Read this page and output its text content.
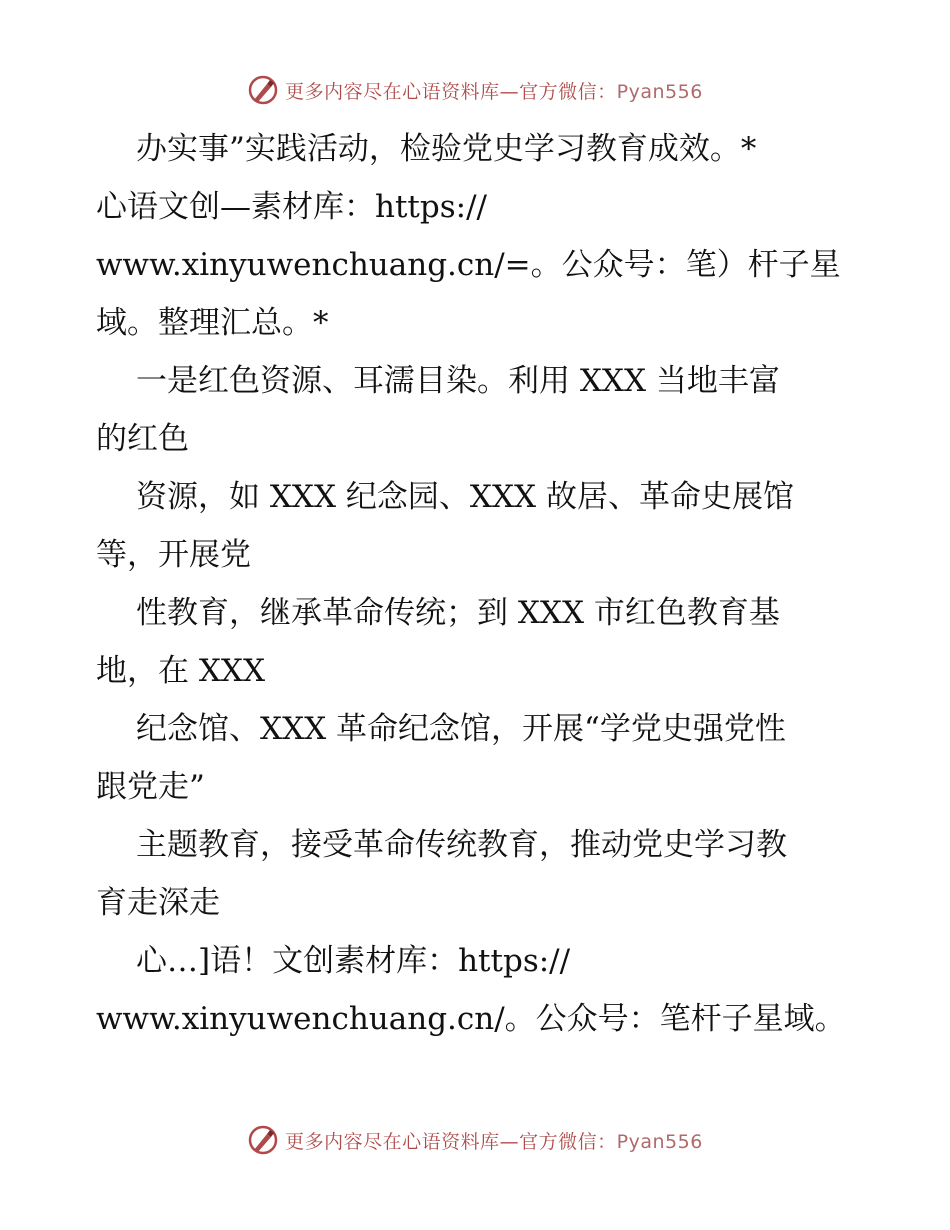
更多内容尽在心语资料库—官方微信：Pyan556
办实事”实践活动，检验党史学习教育成效。*
心语文创—素材库：https://
www.xinyuwenchuang.cn/=。公众号：笔）杆子星
域。整理汇总。*
一是红色资源、耳濡目染。利用 XXX 当地丰富
的红色
资源，如 XXX 纪念园、XXX 故居、革命史展馆
等，开展党
性教育，继承革命传统；到 XXX 市红色教育基
地，在 XXX
纪念馆、XXX 革命纪念馆，开展“学党史强党性
跟党走”
主题教育，接受革命传统教育，推动党史学习教
育走深走
心…]语！文创素材库：https://
www.xinyuwenchuang.cn/。公众号：笔杆子星域。
更多内容尽在心语资料库—官方微信：Pyan556
